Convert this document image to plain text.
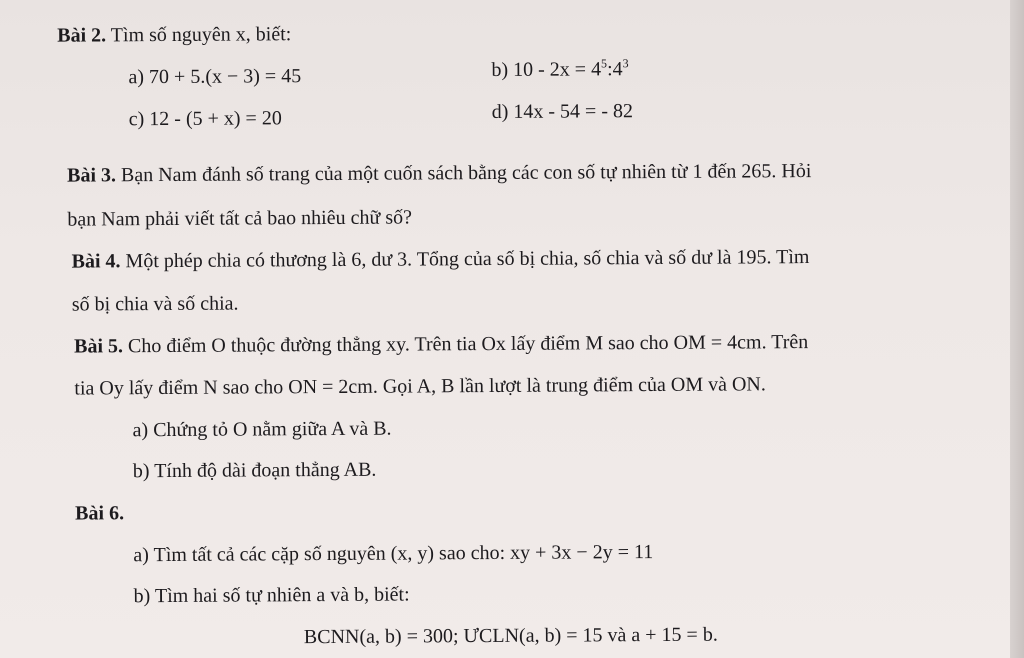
Bài 2. Tìm số nguyên x, biết:
a) 70 + 5.(x − 3) = 45	b) $10 - 2x = 4^5:4^3$
c) 12 - (5 + x) = 20	d) 14x - 54 = - 82
Bài 3. Bạn Nam đánh số trang của một cuốn sách bằng các con số tự nhiên từ 1 đến 265. Hỏi
bạn Nam phải viết tất cả bao nhiêu chữ số?
Bài 4. Một phép chia có thương là 6, dư 3. Tổng của số bị chia, số chia và số dư là 195. Tìm
số bị chia và số chia.
Bài 5. Cho điểm O thuộc đường thẳng xy. Trên tia Ox lấy điểm M sao cho OM = 4cm. Trên
tia Oy lấy điểm N sao cho ON = 2cm. Gọi A, B lần lượt là trung điểm của OM và ON.
a) Chứng tỏ O nằm giữa A và B.
b) Tính độ dài đoạn thẳng AB.
Bài 6.
a) Tìm tất cả các cặp số nguyên (x, y) sao cho: xy + 3x − 2y = 11
b) Tìm hai số tự nhiên a và b, biết:
BCNN(a, b) = 300; ƯCLN(a, b) = 15 và a + 15 = b.
